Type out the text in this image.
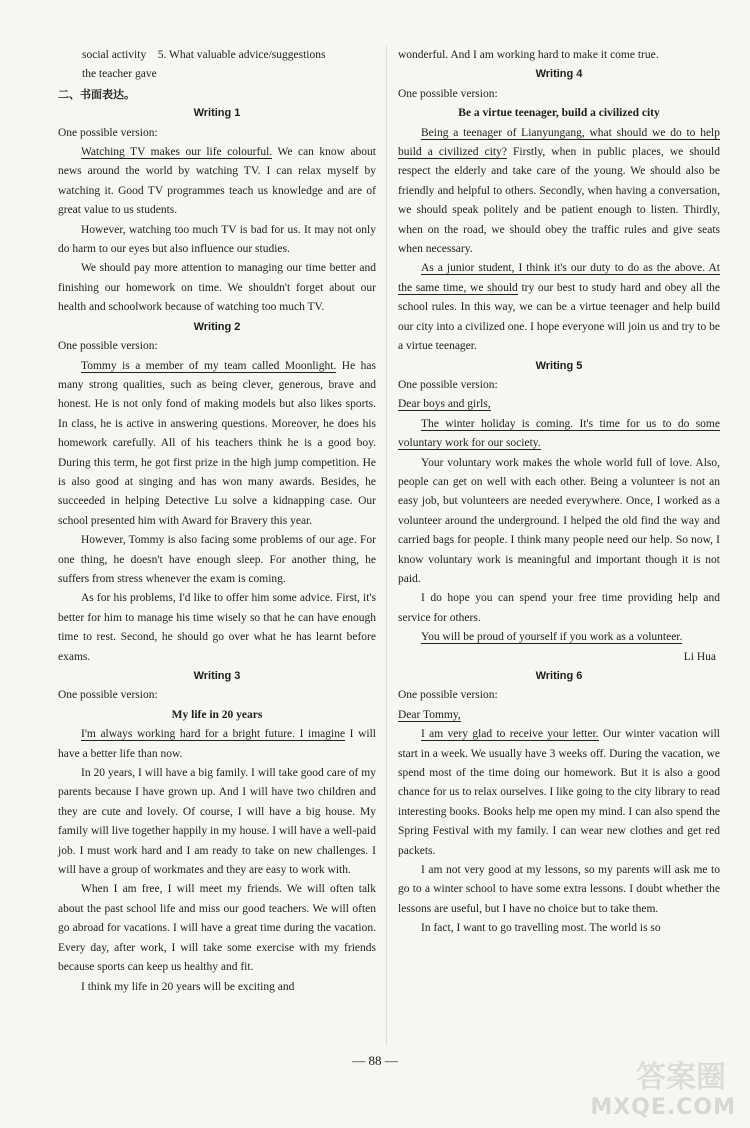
social activity 5. What valuable advice/suggestions

the teacher gave

二、书面表达。

Writing 1

One possible version:

Watching TV makes our life colourful. We can know about news around the world by watching TV. I can relax myself by watching it. Good TV programmes teach us knowledge and are of great value to us students.

However, watching too much TV is bad for us. It may not only do harm to our eyes but also influence our studies.

We should pay more attention to managing our time better and finishing our homework on time. We shouldn't forget about our health and schoolwork because of watching too much TV.

Writing 2

One possible version:

Tommy is a member of my team called Moonlight. He has many strong qualities, such as being clever, generous, brave and honest. He is not only fond of making models but also likes sports. In class, he is active in answering questions. Moreover, he does his homework carefully. All of his teachers think he is a good boy. During this term, he got first prize in the high jump competition. He is also good at singing and has won many awards. Besides, he succeeded in helping Detective Lu solve a kidnapping case. Our school presented him with Award for Bravery this year.

However, Tommy is also facing some problems of our age. For one thing, he doesn't have enough sleep. For another thing, he suffers from stress whenever the exam is coming.

As for his problems, I'd like to offer him some advice. First, it's better for him to manage his time wisely so that he can have enough time to rest. Second, he should go over what he has learnt before exams.

Writing 3

One possible version:

My life in 20 years

I'm always working hard for a bright future. I imagine I will have a better life than now.

In 20 years, I will have a big family. I will take good care of my parents because I have grown up. And I will have two children and they are cute and lovely. Of course, I will have a big house. My family will live together happily in my house. I will have a well-paid job. I must work hard and I am ready to take on new challenges. I will have a group of workmates and they are easy to work with.

When I am free, I will meet my friends. We will often talk about the past school life and miss our good teachers. We will often go abroad for vacations. I will have a great time during the vacation. Every day, after work, I will take some exercise with my friends because sports can keep us healthy and fit.

I think my life in 20 years will be exciting and

wonderful. And I am working hard to make it come true.

Writing 4

One possible version:

Be a virtue teenager, build a civilized city

Being a teenager of Lianyungang, what should we do to help build a civilized city? Firstly, when in public places, we should respect the elderly and take care of the young. We should also be friendly and helpful to others. Secondly, when having a conversation, we should speak politely and be patient enough to listen. Thirdly, when on the road, we should obey the traffic rules and give seats when necessary.

As a junior student, I think it's our duty to do as the above. At the same time, we should try our best to study hard and obey all the school rules. In this way, we can be a virtue teenager and help build our city into a civilized one. I hope everyone will join us and try to be a virtue teenager.

Writing 5

One possible version:

Dear boys and girls,

The winter holiday is coming. It's time for us to do some voluntary work for our society.

Your voluntary work makes the whole world full of love. Also, people can get on well with each other. Being a volunteer is not an easy job, but volunteers are needed everywhere. Once, I worked as a volunteer around the underground. I helped the old find the way and carried bags for people. I think many people need our help. So now, I know voluntary work is meaningful and important though it is not paid.

I do hope you can spend your free time providing help and service for others.

You will be proud of yourself if you work as a volunteer.

Li Hua

Writing 6

One possible version:

Dear Tommy,

I am very glad to receive your letter. Our winter vacation will start in a week. We usually have 3 weeks off. During the vacation, we spend most of the time doing our homework. But it is also a good chance for us to relax ourselves. I like going to the city library to read interesting books. Books help me open my mind. I can also spend the Spring Festival with my family. I can wear new clothes and get red packets.

I am not very good at my lessons, so my parents will ask me to go to a winter school to have some extra lessons. I doubt whether the lessons are useful, but I have no choice but to take them.

In fact, I want to go travelling most. The world is so

— 88 —	答案圈
MXQE.COM
